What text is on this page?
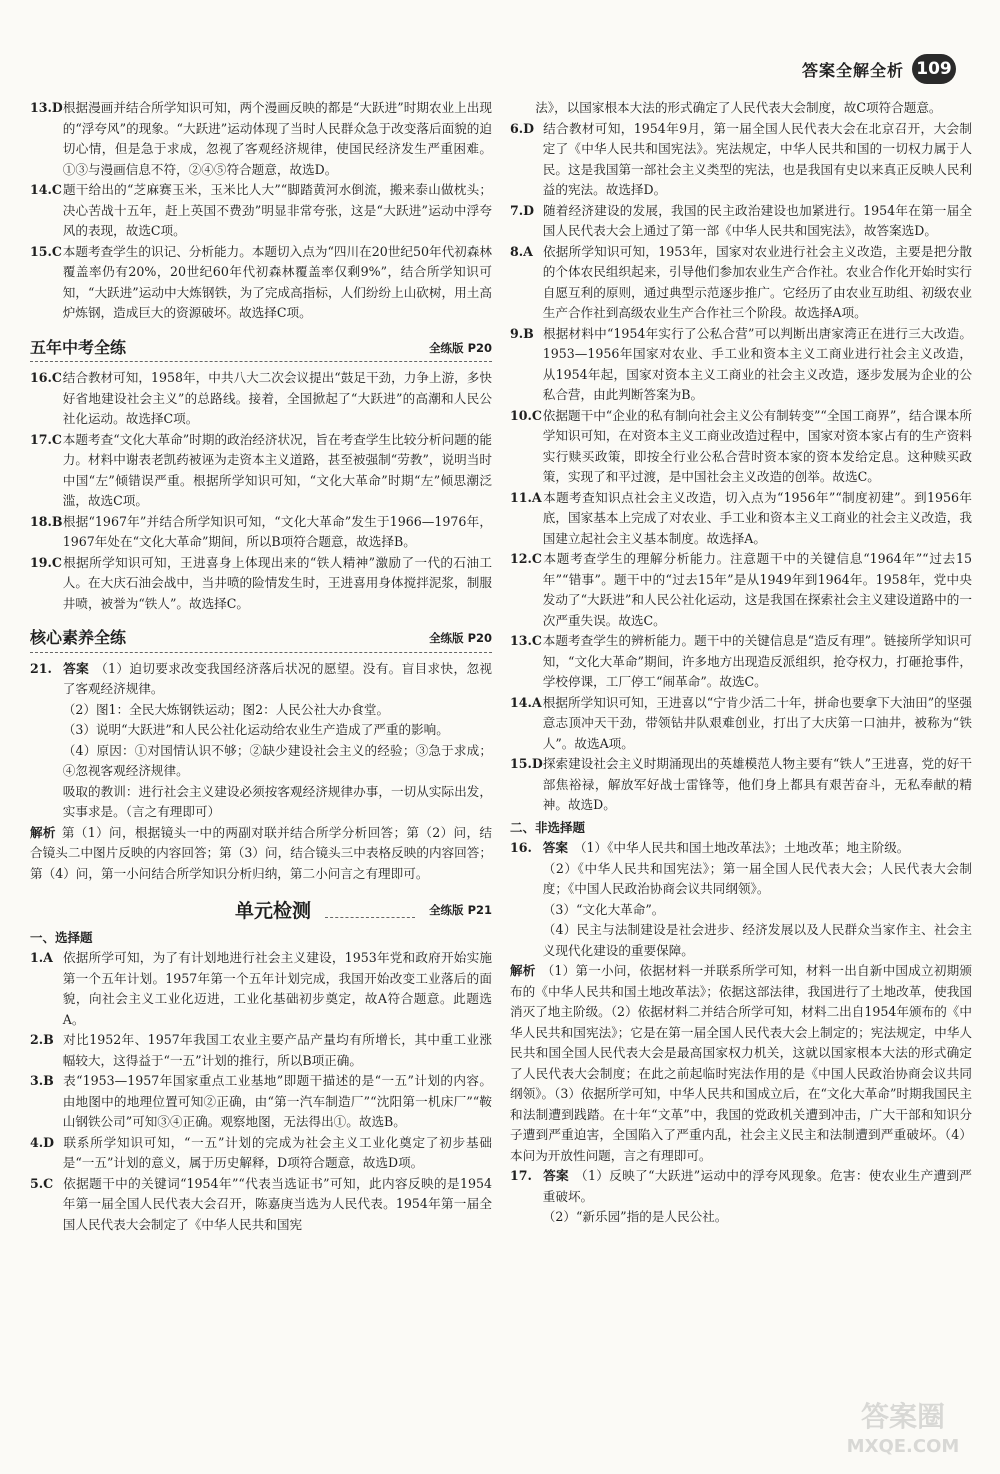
答案全解全析 109

13.D根据漫画并结合所学知识可知，两个漫画反映的都是“大跃进”时期农业上出现的“浮夸风”的现象。“大跃进”运动体现了当时人民群众急于改变落后面貌的迫切心情，但是急于求成，忽视了客观经济规律，使国民经济发生严重困难。①③与漫画信息不符，②④⑤符合题意，故选D。

14.C题干给出的“芝麻赛玉米，玉米比人大”“脚踏黄河水倒流，搬来泰山做枕头；决心苦战十五年，赶上英国不费劲”明显非常夸张，这是“大跃进”运动中浮夸风的表现，故选C项。

15.C本题考查学生的识记、分析能力。本题切入点为“四川在20世纪50年代初森林覆盖率仍有20%，20世纪60年代初森林覆盖率仅剩9%”，结合所学知识可知，“大跃进”运动中大炼钢铁，为了完成高指标，人们纷纷上山砍树，用土高炉炼钢，造成巨大的资源破坏。故选择C项。

五年中考全练	全练版 P20

16.C结合教材可知，1958年，中共八大二次会议提出“鼓足干劲，力争上游，多快好省地建设社会主义”的总路线。接着，全国掀起了“大跃进”的高潮和人民公社化运动。故选择C项。

17.C本题考查“文化大革命”时期的政治经济状况，旨在考查学生比较分析问题的能力。材料中谢表老凯药被诬为走资本主义道路，甚至被强制“劳教”，说明当时中国“左”倾错误严重。根据所学知识可知，“文化大革命”时期“左”倾思潮泛滥，故选C项。

18.B根据“1967年”并结合所学知识可知，“文化大革命”发生于1966—1976年，1967年处在“文化大革命”期间，所以B项符合题意，故选择B。

19.C根据所学知识可知，王进喜身上体现出来的“铁人精神”激励了一代的石油工人。在大庆石油会战中，当井喷的险情发生时，王进喜用身体搅拌泥浆，制服井喷，被誉为“铁人”。故选择C。

核心素养全练	全练版 P20

21. 答案 （1）迫切要求改变我国经济落后状况的愿望。没有。盲目求快，忽视了客观经济规律。

（2）图1：全民大炼钢铁运动；图2：人民公社大办食堂。

（3）说明“大跃进”和人民公社化运动给农业生产造成了严重的影响。

（4）原因：①对国情认识不够；②缺少建设社会主义的经验；③急于求成；④忽视客观经济规律。

吸取的教训：进行社会主义建设必须按客观经济规律办事，一切从实际出发，实事求是。（言之有理即可）

解析 第（1）问，根据镜头一中的两副对联并结合所学分析回答；第（2）问，结合镜头二中图片反映的内容回答；第（3）问，结合镜头三中表格反映的内容回答；第（4）问，第一小问结合所学知识分析归纳，第二小问言之有理即可。

单元检测	全练版 P21
一、选择题

1.A 依据所学可知，为了有计划地进行社会主义建设，1953年党和政府开始实施第一个五年计划。1957年第一个五年计划完成，我国开始改变工业落后的面貌，向社会主义工业化迈进，工业化基础初步奠定，故A符合题意。此题选A。

2.B 对比1952年、1957年我国工农业主要产品产量均有所增长，其中重工业涨幅较大，这得益于“一五”计划的推行，所以B项正确。

3.B 表“1953—1957年国家重点工业基地”即题干描述的是“一五”计划的内容。由地图中的地理位置可知②正确，由“第一汽车制造厂”“沈阳第一机床厂”“鞍山钢铁公司”可知③④正确。观察地图，无法得出①。故选B。

4.D 联系所学知识可知，“一五”计划的完成为社会主义工业化奠定了初步基础是“一五”计划的意义，属于历史解释，D项符合题意，故选D项。

5.C 依据题干中的关键词“1954年”“代表当选证书”可知，此内容反映的是1954年第一届全国人民代表大会召开，陈嘉庚当选为人民代表。1954年第一届全国人民代表大会制定了《中华人民共和国宪

法》，以国家根本大法的形式确定了人民代表大会制度，故C项符合题意。

6.D 结合教材可知，1954年9月，第一届全国人民代表大会在北京召开，大会制定了《中华人民共和国宪法》。宪法规定，中华人民共和国的一切权力属于人民。这是我国第一部社会主义类型的宪法，也是我国有史以来真正反映人民利益的宪法。故选择D。

7.D 随着经济建设的发展，我国的民主政治建设也加紧进行。1954年在第一届全国人民代表大会上通过了第一部《中华人民共和国宪法》，故答案选D。

8.A 依据所学知识可知，1953年，国家对农业进行社会主义改造，主要是把分散的个体农民组织起来，引导他们参加农业生产合作社。农业合作化开始时实行自愿互利的原则，通过典型示范逐步推广。它经历了由农业互助组、初级农业生产合作社到高级农业生产合作社三个阶段。故选择A项。

9.B 根据材料中“1954年实行了公私合营”可以判断出唐家湾正在进行三大改造。1953—1956年国家对农业、手工业和资本主义工商业进行社会主义改造，从1954年起，国家对资本主义工商业的社会主义改造，逐步发展为企业的公私合营，由此判断答案为B。

10.C依据题干中“企业的私有制向社会主义公有制转变”“全国工商界”，结合课本所学知识可知，在对资本主义工商业改造过程中，国家对资本家占有的生产资料实行赎买政策，即按全行业公私合营时资本家的资本发给定息。这种赎买政策，实现了和平过渡，是中国社会主义改造的创举。故选C。

11.A本题考查知识点社会主义改造，切入点为“1956年”“制度初建”。到1956年底，国家基本上完成了对农业、手工业和资本主义工商业的社会主义改造，我国建立起社会主义基本制度。故选择A。

12.C本题考查学生的理解分析能力。注意题干中的关键信息“1964年”“过去15年”“错事”。题干中的“过去15年”是从1949年到1964年。1958年，党中央发动了“大跃进”和人民公社化运动，这是我国在探索社会主义建设道路中的一次严重失误。故选C。

13.C本题考查学生的辨析能力。题干中的关键信息是“造反有理”。链接所学知识可知，“文化大革命”期间，许多地方出现造反派组织，抢夺权力，打砸抢事件，学校停课，工厂停工“闹革命”。故选C。

14.A根据所学知识可知，王进喜以“宁肯少活二十年，拼命也要拿下大油田”的坚强意志顶冲天干劲，带领钻井队艰难创业，打出了大庆第一口油井，被称为“铁人”。故选A项。

15.D探索建设社会主义时期涌现出的英雄模范人物主要有“铁人”王进喜，党的好干部焦裕禄，解放军好战士雷锋等，他们身上都具有艰苦奋斗，无私奉献的精神。故选D。

二、非选择题

16. 答案 （1）《中华人民共和国土地改革法》；土地改革；地主阶级。

（2）《中华人民共和国宪法》；第一届全国人民代表大会；人民代表大会制度；《中国人民政治协商会议共同纲领》。

（3）“文化大革命”。

（4）民主与法制建设是社会进步、经济发展以及人民群众当家作主、社会主义现代化建设的重要保障。

解析 （1）第一小问，依据材料一并联系所学可知，材料一出自新中国成立初期颁布的《中华人民共和国土地改革法》；依据这部法律，我国进行了土地改革，使我国消灭了地主阶级。（2）依据材料二并结合所学可知，材料二出自1954年颁布的《中华人民共和国宪法》；它是在第一届全国人民代表大会上制定的；宪法规定，中华人民共和国全国人民代表大会是最高国家权力机关，这就以国家根本大法的形式确定了人民代表大会制度；在此之前起临时宪法作用的是《中国人民政治协商会议共同纲领》。（3）依据所学可知，中华人民共和国成立后，在“文化大革命”时期我国民主和法制遭到践踏。在十年“文革”中，我国的党政机关遭到冲击，广大干部和知识分子遭到严重迫害，全国陷入了严重内乱，社会主义民主和法制遭到严重破坏。（4）本问为开放性问题，言之有理即可。

17. 答案 （1）反映了“大跃进”运动中的浮夸风现象。危害：使农业生产遭到严重破坏。

（2）“新乐园”指的是人民公社。

答案圈
MXQE.COM
